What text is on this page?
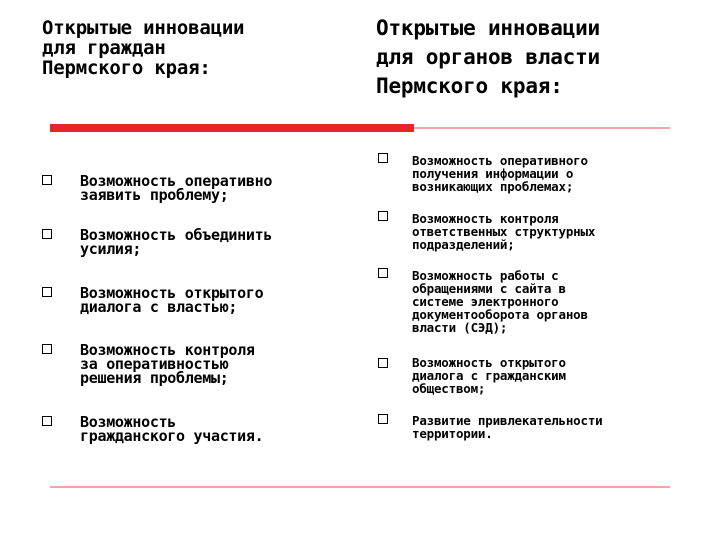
Открытые инновации
для граждан
Пермского края:
Открытые инновации
для органов власти
Пермского края:

Возможность оперативно
заявить проблему;

Возможность объединить
усилия;

Возможность открытого
диалога с властью;

Возможность контроля
за оперативностью
решения проблемы;

Возможность
гражданского участия.

Возможность оперативного
получения информации о
возникающих проблемах;

Возможность контроля
ответственных структурных
подразделений;

Возможность работы с
обращениями с сайта в
системе электронного
документооборота органов
власти (СЭД);

Возможность открытого
диалога с гражданским
обществом;

Развитие привлекательности
территории.
